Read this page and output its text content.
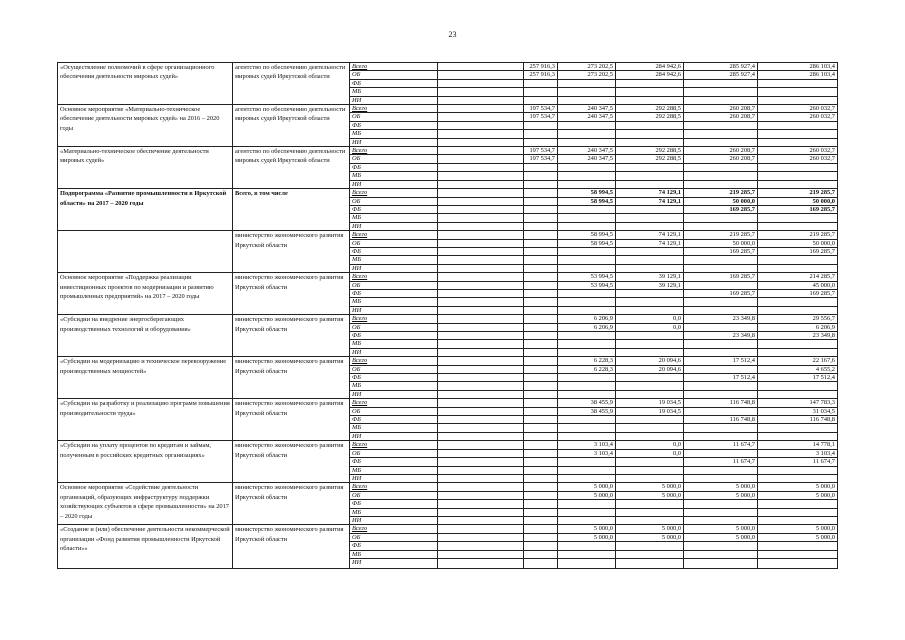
23
«Осуществление полномочий в сфере организационного обеспечения деятельности мировых судей»	агентство по обеспечению деятельности мировых судей Иркутской области	Всего		257 916,3	273 202,5	284 942,6	285 927,4	286 103,4
		ОБ		257 916,3	273 202,5	284 942,6	285 927,4	286 103,4
		ФБ						
		МБ						
		ИИ						
Основное мероприятие «Материально-техническое обеспечение деятельности мировых судей» на 2016 – 2020 годы	агентство по обеспечению деятельности мировых судей Иркутской области	Всего		197 534,7	240 347,5	292 288,5	260 208,7	260 032,7
		ОБ		197 534,7	240 347,5	292 288,5	260 208,7	260 032,7
		ФБ						
		МБ						
		ИИ						
«Материально-техническое обеспечение деятельности мировых судей»	агентство по обеспечению деятельности мировых судей Иркутской области	Всего		197 534,7	240 347,5	292 288,5	260 208,7	260 032,7
		ОБ		197 534,7	240 347,5	292 288,5	260 208,7	260 032,7
		ФБ						
		МБ						
		ИИ						
Подпрограмма «Развитие промышленности в Иркутской области» на 2017 – 2020 годы	Всего, в том числе	Всего			58 994,5	74 129,1	219 285,7	219 285,7
		ОБ			58 994,5	74 129,1	50 000,0	50 000,0
		ФБ					169 285,7	169 285,7
		МБ						
		ИИ						
	министерство экономического развития Иркутской области	Всего			58 994,5	74 129,1	219 285,7	219 285,7
		ОБ			58 994,5	74 129,1	50 000,0	50 000,0
		ФБ					169 285,7	169 285,7
		МБ						
		ИИ						
Основное мероприятие «Поддержка реализации инвестиционных проектов по модернизации и развитию промышленных предприятий» на 2017 – 2020 годы	министерство экономического развития Иркутской области	Всего			53 994,5	39 129,1	169 285,7	214 285,7
		ОБ			53 994,5	39 129,1		45 000,0
		ФБ					169 285,7	169 285,7
		МБ						
		ИИ						
«Субсидии на внедрение энергосберегающих производственных технологий и оборудования»	министерство экономического развития Иркутской области	Всего			6 206,9	0,0	23 349,8	29 556,7
		ОБ			6 206,9	0,0		6 206,9
		ФБ					23 349,8	23 349,8
		МБ						
		ИИ						
«Субсидии на модернизацию и техническое перевооружение производственных мощностей»	министерство экономического развития Иркутской области	Всего			6 228,3	20 094,6	17 512,4	22 167,6
		ОБ			6 228,3	20 094,6		4 655,2
		ФБ					17 512,4	17 512,4
		МБ						
		ИИ						
«Субсидии на разработку и реализацию программ повышения производительности труда»	министерство экономического развития Иркутской области	Всего			38 455,9	19 034,5	116 748,8	147 783,3
		ОБ			38 455,9	19 034,5		31 034,5
		ФБ					116 748,8	116 748,8
		МБ						
		ИИ						
«Субсидии на уплату процентов по кредитам и займам, полученным в российских кредитных организациях»	министерство экономического развития Иркутской области	Всего			3 103,4	0,0	11 674,7	14 778,1
		ОБ			3 103,4	0,0		3 103,4
		ФБ					11 674,7	11 674,7
		МБ						
		ИИ						
Основное мероприятие «Содействие деятельности организаций, образующих инфраструктуру поддержки хозяйствующих субъектов в сфере промышленности» на 2017 – 2020 годы	министерство экономического развития Иркутской области	Всего			5 000,0	5 000,0	5 000,0	5 000,0
		ОБ			5 000,0	5 000,0	5 000,0	5 000,0
		ФБ						
		МБ						
		ИИ						
«Создание и (или) обеспечение деятельности некоммерческой организации «Фонд развития промышленности Иркутской области»»	министерство экономического развития Иркутской области	Всего			5 000,0	5 000,0	5 000,0	5 000,0
		ОБ			5 000,0	5 000,0	5 000,0	5 000,0
		ФБ						
		МБ						
		ИИ						
